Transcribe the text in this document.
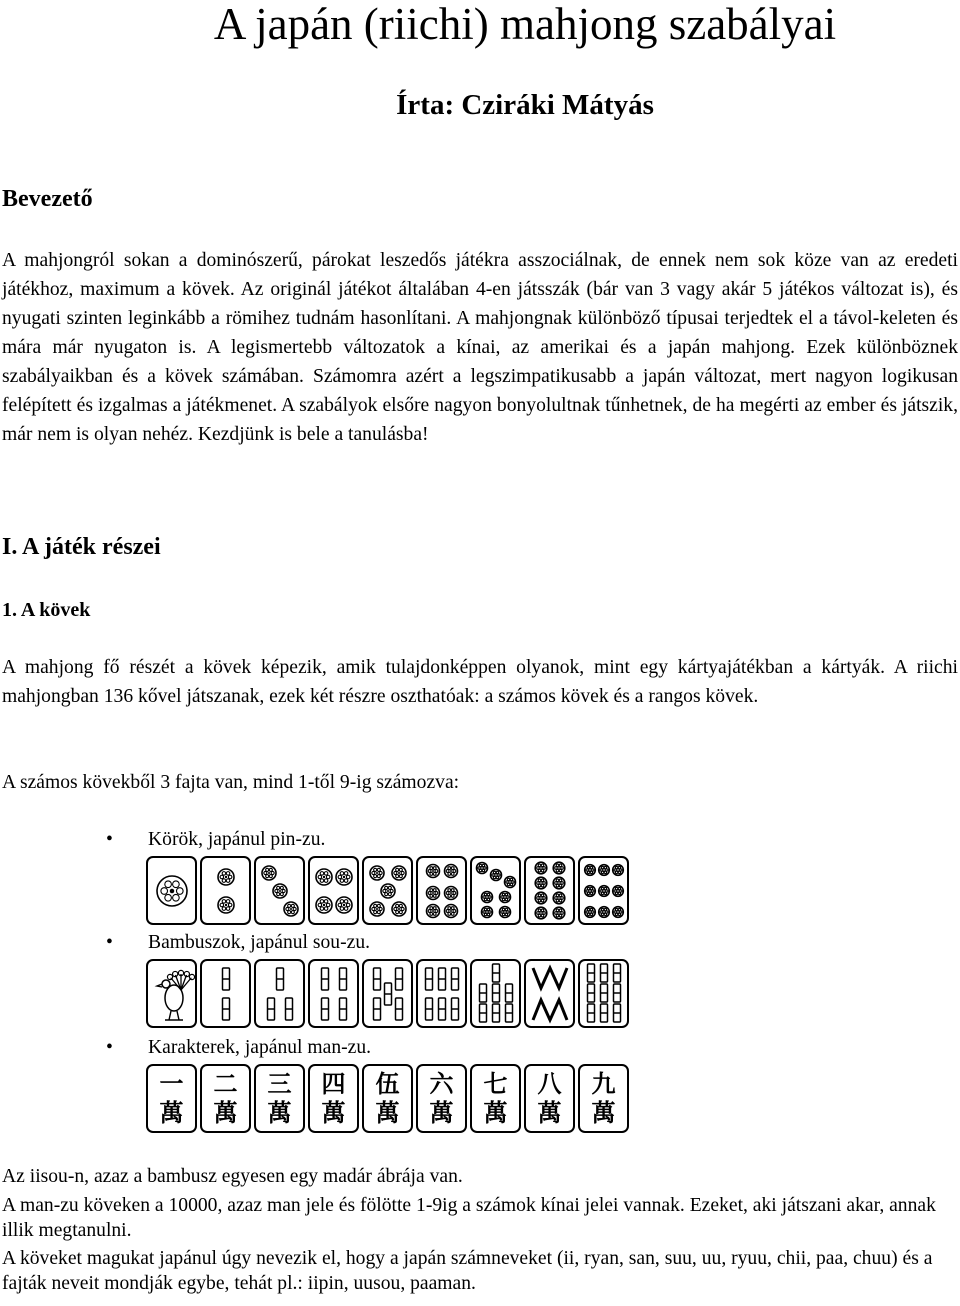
A japán (riichi) mahjong szabályai
Írta: Cziráki Mátyás
Bevezető
A mahjongról sokan a dominószerű, párokat leszedős játékra asszociálnak, de ennek nem sok köze van az eredeti játékhoz, maximum a kövek. Az originál játékot általában 4-en játsszák (bár van 3 vagy akár 5 játékos változat is), és nyugati szinten leginkább a römihez tudnám hasonlítani. A mahjongnak különböző típusai terjedtek el a távol-keleten és mára már nyugaton is. A legismertebb változatok a kínai, az amerikai és a japán mahjong. Ezek különböznek szabályaikban és a kövek számában. Számomra azért a legszimpatikusabb a japán változat, mert nagyon logikusan felépített és izgalmas a játékmenet. A szabályok elsőre nagyon bonyolultnak tűnhetnek, de ha megérti az ember és játszik, már nem is olyan nehéz. Kezdjünk is bele a tanulásba!
I. A játék részei
1. A kövek
A mahjong fő részét a kövek képezik, amik tulajdonképpen olyanok, mint egy kártyajátékban a kártyák. A riichi mahjongban 136 kővel játszanak, ezek két részre oszthatóak: a számos kövek és a rangos kövek.
A számos kövekből 3 fajta van, mind 1-től 9-ig számozva:
• Körök, japánul pin-zu.
• Bambuszok, japánul sou-zu.
• Karakterek, japánul man-zu.
一
萬
二
萬
三
萬
四
萬
伍
萬
六
萬
七
萬
八
萬
九
萬
Az iisou-n, azaz a bambusz egyesen egy madár ábrája van.
A man-zu köveken a 10000, azaz man jele és fölötte 1-9ig a számok kínai jelei vannak. Ezeket, aki játszani akar, annak illik megtanulni.
A köveket magukat japánul úgy nevezik el, hogy a japán számneveket (ii, ryan, san, suu, uu, ryuu, chii, paa, chuu) és a fajták neveit mondják egybe, tehát pl.: iipin, uusou, paaman.
